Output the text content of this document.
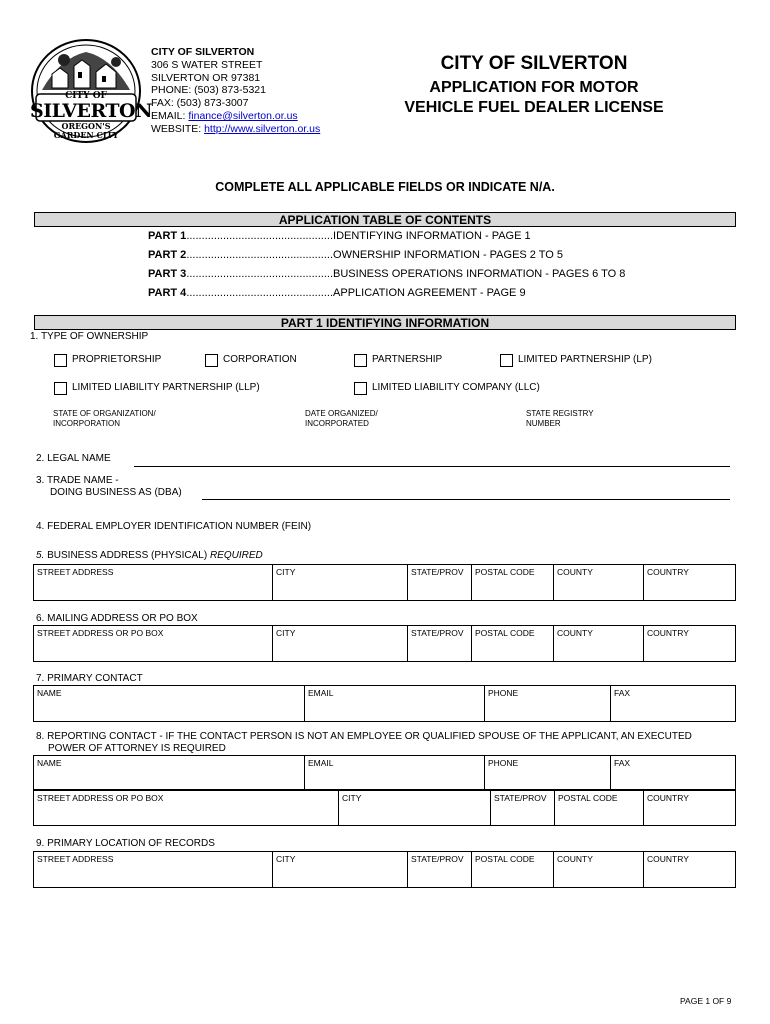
CITY OF
SILVERTON
OREGON'S
GARDEN CITY
CITY OF SILVERTON
306 S WATER STREET
SILVERTON OR 97381
PHONE: (503) 873-5321
FAX: (503) 873-3007
EMAIL: finance@silverton.or.us
WEBSITE: http://www.silverton.or.us
CITY OF SILVERTON
APPLICATION FOR MOTOR
VEHICLE FUEL DEALER LICENSE
COMPLETE ALL APPLICABLE FIELDS OR INDICATE N/A.
APPLICATION TABLE OF CONTENTS
PART 1................................................IDENTIFYING INFORMATION - PAGE 1
PART 2................................................OWNERSHIP INFORMATION - PAGES 2 TO 5
PART 3................................................BUSINESS OPERATIONS INFORMATION - PAGES 6 TO 8
PART 4................................................APPLICATION AGREEMENT - PAGE 9
PART 1 IDENTIFYING INFORMATION
1. TYPE OF OWNERSHIP
PROPRIETORSHIP	CORPORATION	PARTNERSHIP	LIMITED PARTNERSHIP (LP)
LIMITED LIABILITY PARTNERSHIP (LLP)	LIMITED LIABILITY COMPANY (LLC)
STATE OF ORGANIZATION/
INCORPORATION
DATE ORGANIZED/
INCORPORATED
STATE REGISTRY
NUMBER
2. LEGAL NAME
3. TRADE NAME -
DOING BUSINESS AS (DBA)
4. FEDERAL EMPLOYER IDENTIFICATION NUMBER (FEIN)
5. BUSINESS ADDRESS (PHYSICAL) REQUIRED
STREET ADDRESS	CITY	STATE/PROV	POSTAL CODE	COUNTY	COUNTRY
6. MAILING ADDRESS OR PO BOX
STREET ADDRESS OR PO BOX	CITY	STATE/PROV	POSTAL CODE	COUNTY	COUNTRY
7. PRIMARY CONTACT
NAME	EMAIL	PHONE	FAX
8. REPORTING CONTACT - IF THE CONTACT PERSON IS NOT AN EMPLOYEE OR QUALIFIED SPOUSE OF THE APPLICANT, AN EXECUTED
POWER OF ATTORNEY IS REQUIRED
NAME	EMAIL	PHONE	FAX
STREET ADDRESS OR PO BOX	CITY	STATE/PROV	POSTAL CODE	COUNTRY
9. PRIMARY LOCATION OF RECORDS
STREET ADDRESS	CITY	STATE/PROV	POSTAL CODE	COUNTY	COUNTRY
PAGE 1 OF 9
